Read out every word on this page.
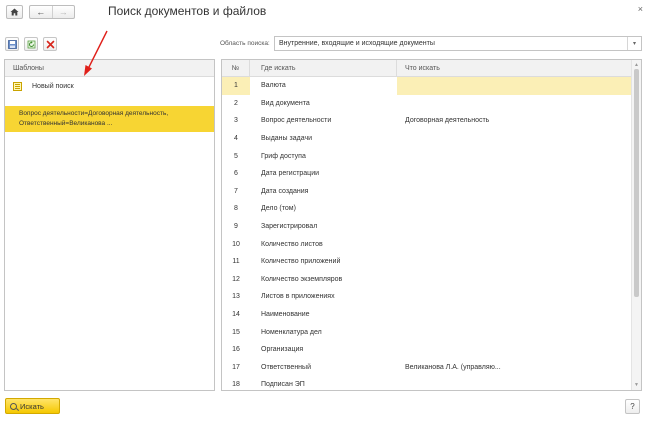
←	→	Поиск документов и файлов	×
Шаблоны
Новый поиск
Вопрос деятельности=Договорная деятельность, Ответственный=Великанова ...
Область поиска: Внутренние, входящие и исходящие документы	▾
№	Где искать	Что искать
1	Валюта
2	Вид документа
3	Вопрос деятельности	Договорная деятельность
4	Выданы задачи
5	Гриф доступа
6	Дата регистрации
7	Дата создания
8	Дело (том)
9	Зарегистрировал
10	Количество листов
11	Количество приложений
12	Количество экземпляров
13	Листов в приложениях
14	Наименование
15	Номенклатура дел
16	Организация
17	Ответственный	Великанова Л.А. (управляю...
18	Подписан ЭП
▲
▼
Искать	?
